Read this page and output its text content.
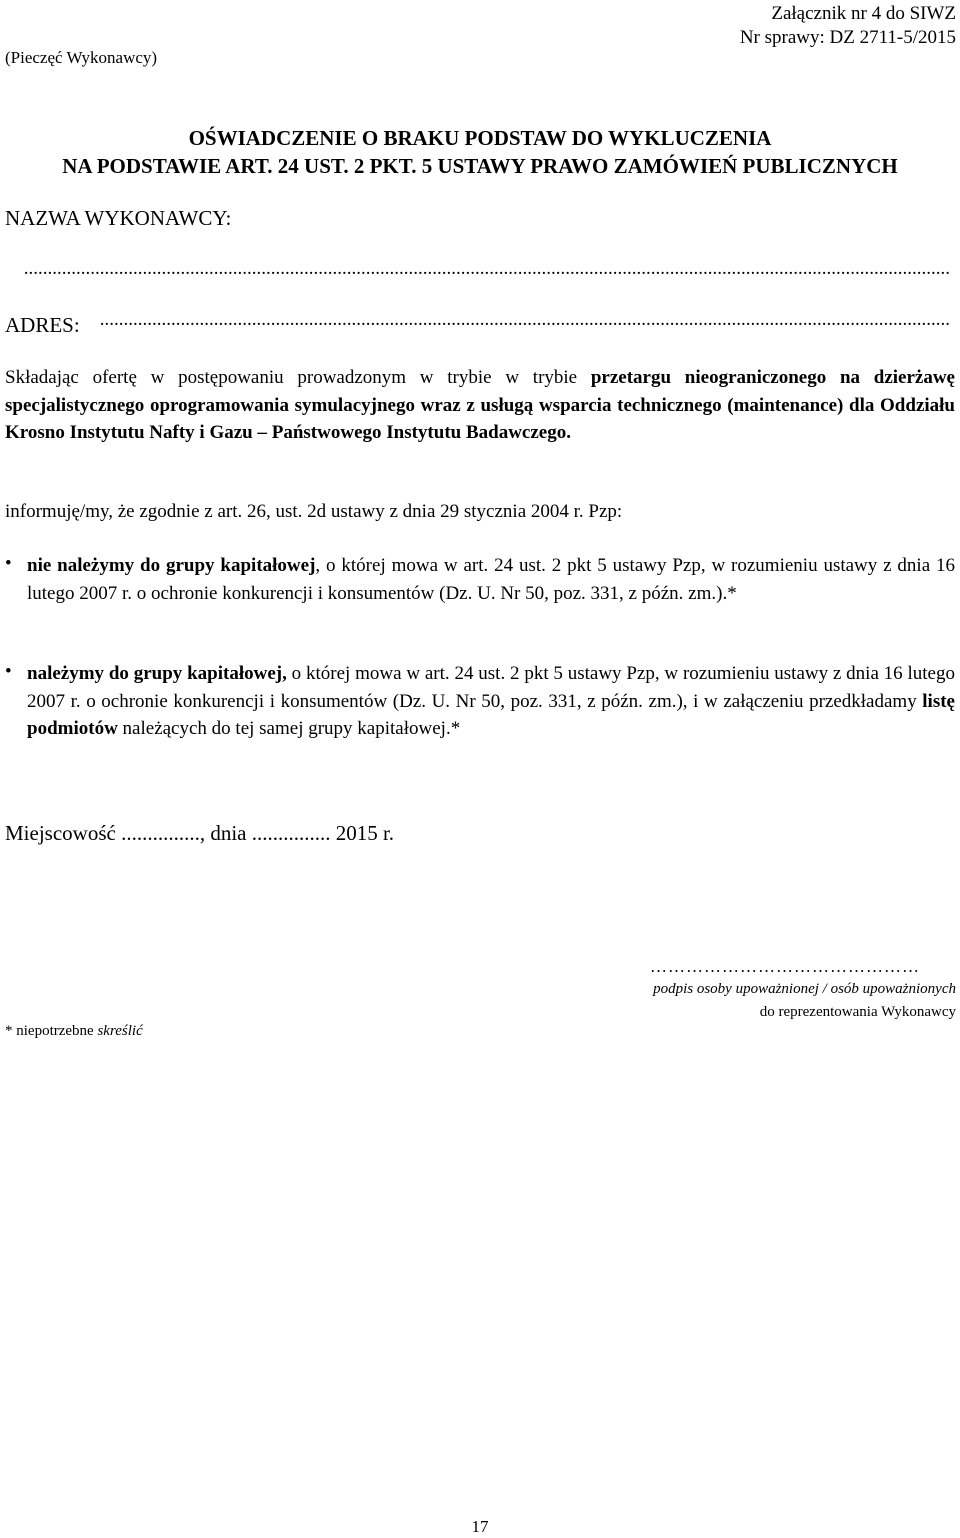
(Pieczęć Wykonawcy)
Załącznik nr 4 do SIWZ
Nr sprawy: DZ 2711-5/2015
OŚWIADCZENIE O BRAKU PODSTAW DO WYKLUCZENIA
NA PODSTAWIE ART. 24 UST. 2 PKT. 5 USTAWY PRAWO ZAMÓWIEŃ PUBLICZNYCH
NAZWA WYKONAWCY:
...................................................................................................................................................................................................
ADRES:	...................................................................................................................................................................................
Składając ofertę w postępowaniu prowadzonym w trybie w trybie przetargu nieograniczonego na dzierżawę specjalistycznego oprogramowania symulacyjnego wraz z usługą wsparcia technicznego (maintenance) dla Oddziału Krosno Instytutu Nafty i Gazu – Państwowego Instytutu Badawczego.
informuję/my, że zgodnie z art. 26, ust. 2d ustawy z dnia 29 stycznia 2004 r. Pzp:
• nie należymy do grupy kapitałowej, o której mowa w art. 24 ust. 2 pkt 5 ustawy Pzp, w rozumieniu ustawy z dnia 16 lutego 2007 r. o ochronie konkurencji i konsumentów (Dz. U. Nr 50, poz. 331, z późn. zm.).*
• należymy do grupy kapitałowej, o której mowa w art. 24 ust. 2 pkt 5 ustawy Pzp, w rozumieniu ustawy z dnia 16 lutego 2007 r. o ochronie konkurencji i konsumentów (Dz. U. Nr 50, poz. 331, z późn. zm.), i w załączeniu przedkładamy listę podmiotów należących do tej samej grupy kapitałowej.*
Miejscowość ..............., dnia ............... 2015 r.
………………………………………
podpis osoby upoważnionej / osób upoważnionych
do reprezentowania Wykonawcy
* niepotrzebne skreślić
17
